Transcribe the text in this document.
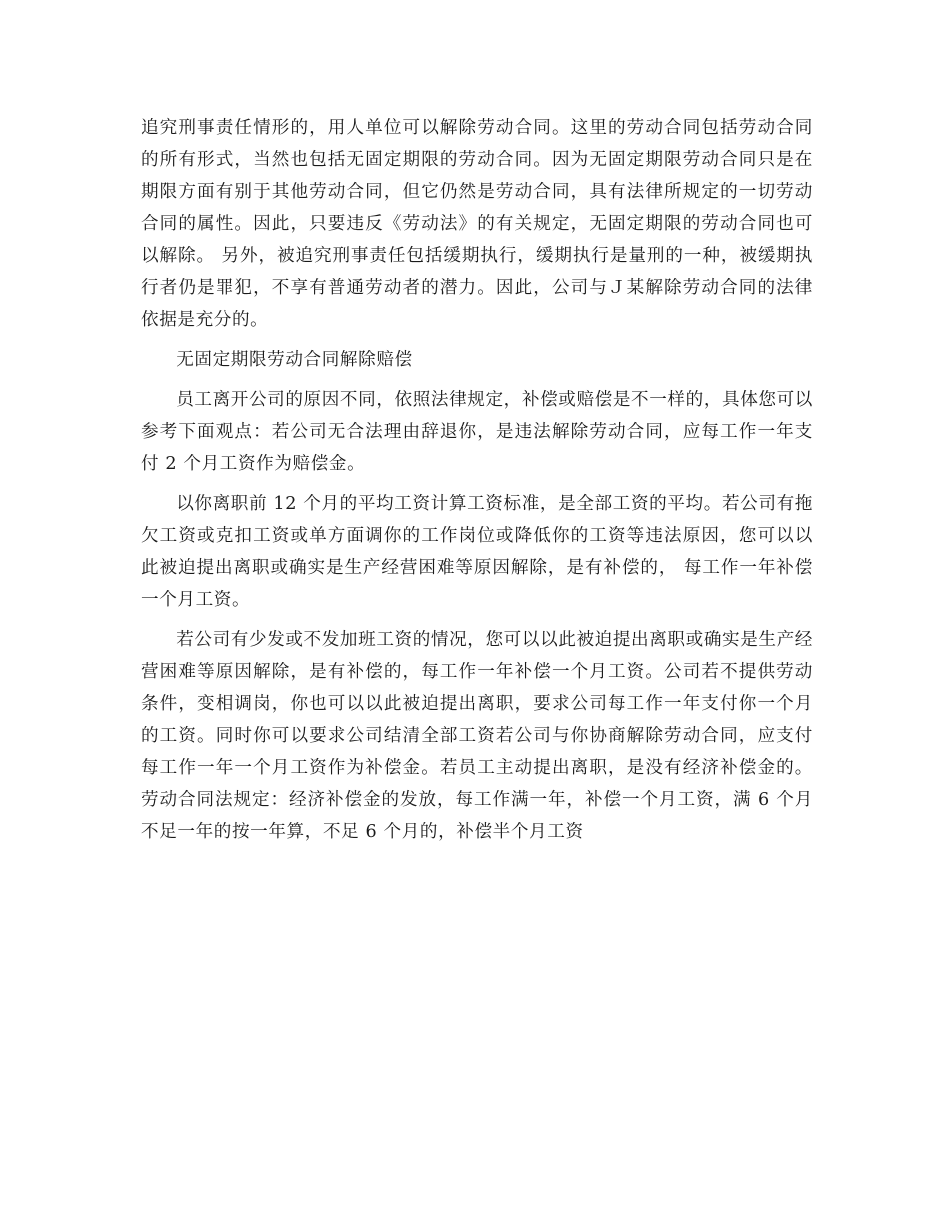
追究刑事责任情形的，用人单位可以解除劳动合同。这里的劳动合同包括劳动合同的所有形式，当然也包括无固定期限的劳动合同。因为无固定期限劳动合同只是在期限方面有别于其他劳动合同，但它仍然是劳动合同，具有法律所规定的一切劳动合同的属性。因此，只要违反《劳动法》的有关规定，无固定期限的劳动合同也可以解除。 另外，被追究刑事责任包括缓期执行，缓期执行是量刑的一种，被缓期执行者仍是罪犯，不享有普通劳动者的潜力。因此，公司与Ｊ某解除劳动合同的法律依据是充分的。

无固定期限劳动合同解除赔偿

员工离开公司的原因不同，依照法律规定，补偿或赔偿是不一样的，具体您可以参考下面观点：若公司无合法理由辞退你，是违法解除劳动合同，应每工作一年支付 2 个月工资作为赔偿金。

以你离职前 12 个月的平均工资计算工资标准，是全部工资的平均。若公司有拖欠工资或克扣工资或单方面调你的工作岗位或降低你的工资等违法原因，您可以以此被迫提出离职或确实是生产经营困难等原因解除，是有补偿的， 每工作一年补偿一个月工资。

若公司有少发或不发加班工资的情况，您可以以此被迫提出离职或确实是生产经营困难等原因解除，是有补偿的，每工作一年补偿一个月工资。公司若不提供劳动条件，变相调岗，你也可以以此被迫提出离职，要求公司每工作一年支付你一个月的工资。同时你可以要求公司结清全部工资若公司与你协商解除劳动合同，应支付每工作一年一个月工资作为补偿金。若员工主动提出离职，是没有经济补偿金的。劳动合同法规定：经济补偿金的发放，每工作满一年，补偿一个月工资，满 6 个月不足一年的按一年算，不足 6 个月的，补偿半个月工资
